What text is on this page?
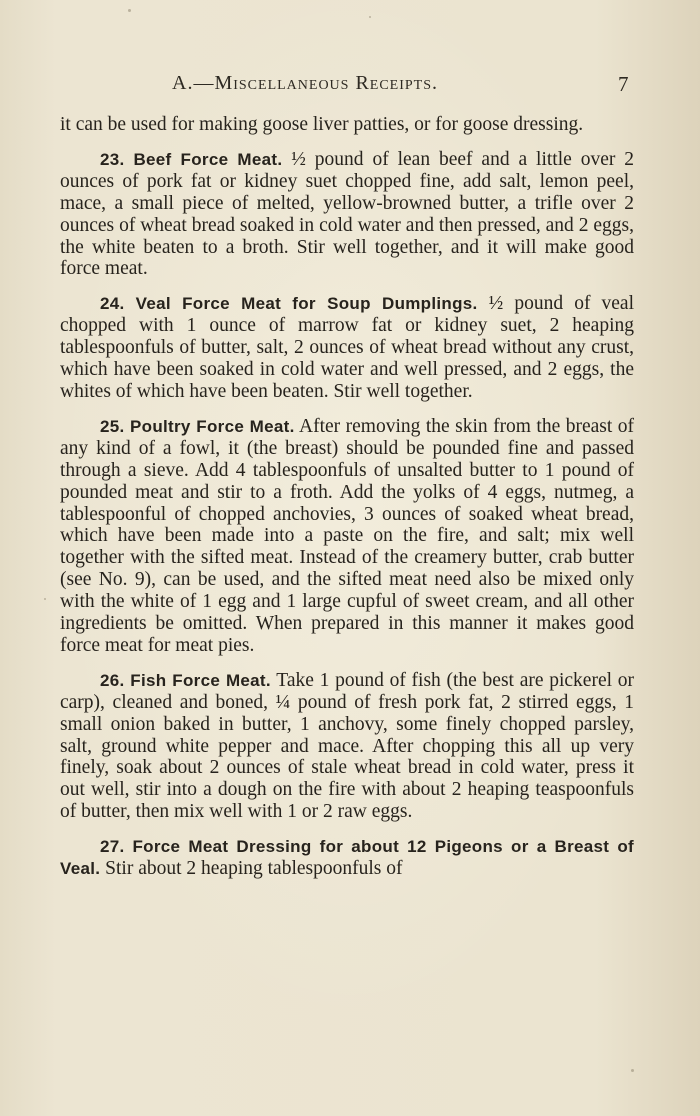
A.—Miscellaneous Receipts.	7

it can be used for making goose liver patties, or for goose dressing.

23. Beef Force Meat. ½ pound of lean beef and a little over 2 ounces of pork fat or kidney suet chopped fine, add salt, lemon peel, mace, a small piece of melted, yellow-browned butter, a trifle over 2 ounces of wheat bread soaked in cold water and then pressed, and 2 eggs, the white beaten to a broth. Stir well together, and it will make good force meat.

24. Veal Force Meat for Soup Dumplings. ½ pound of veal chopped with 1 ounce of marrow fat or kidney suet, 2 heaping tablespoonfuls of butter, salt, 2 ounces of wheat bread without any crust, which have been soaked in cold water and well pressed, and 2 eggs, the whites of which have been beaten. Stir well together.

25. Poultry Force Meat. After removing the skin from the breast of any kind of a fowl, it (the breast) should be pounded fine and passed through a sieve. Add 4 tablespoonfuls of unsalted butter to 1 pound of pounded meat and stir to a froth. Add the yolks of 4 eggs, nutmeg, a tablespoonful of chopped anchovies, 3 ounces of soaked wheat bread, which have been made into a paste on the fire, and salt; mix well together with the sifted meat. Instead of the creamery butter, crab butter (see No. 9), can be used, and the sifted meat need also be mixed only with the white of 1 egg and 1 large cupful of sweet cream, and all other ingredients be omitted. When prepared in this manner it makes good force meat for meat pies.

26. Fish Force Meat. Take 1 pound of fish (the best are pickerel or carp), cleaned and boned, ¼ pound of fresh pork fat, 2 stirred eggs, 1 small onion baked in butter, 1 anchovy, some finely chopped parsley, salt, ground white pepper and mace. After chopping this all up very finely, soak about 2 ounces of stale wheat bread in cold water, press it out well, stir into a dough on the fire with about 2 heaping teaspoonfuls of butter, then mix well with 1 or 2 raw eggs.

27. Force Meat Dressing for about 12 Pigeons or a Breast of Veal. Stir about 2 heaping tablespoonfuls of
